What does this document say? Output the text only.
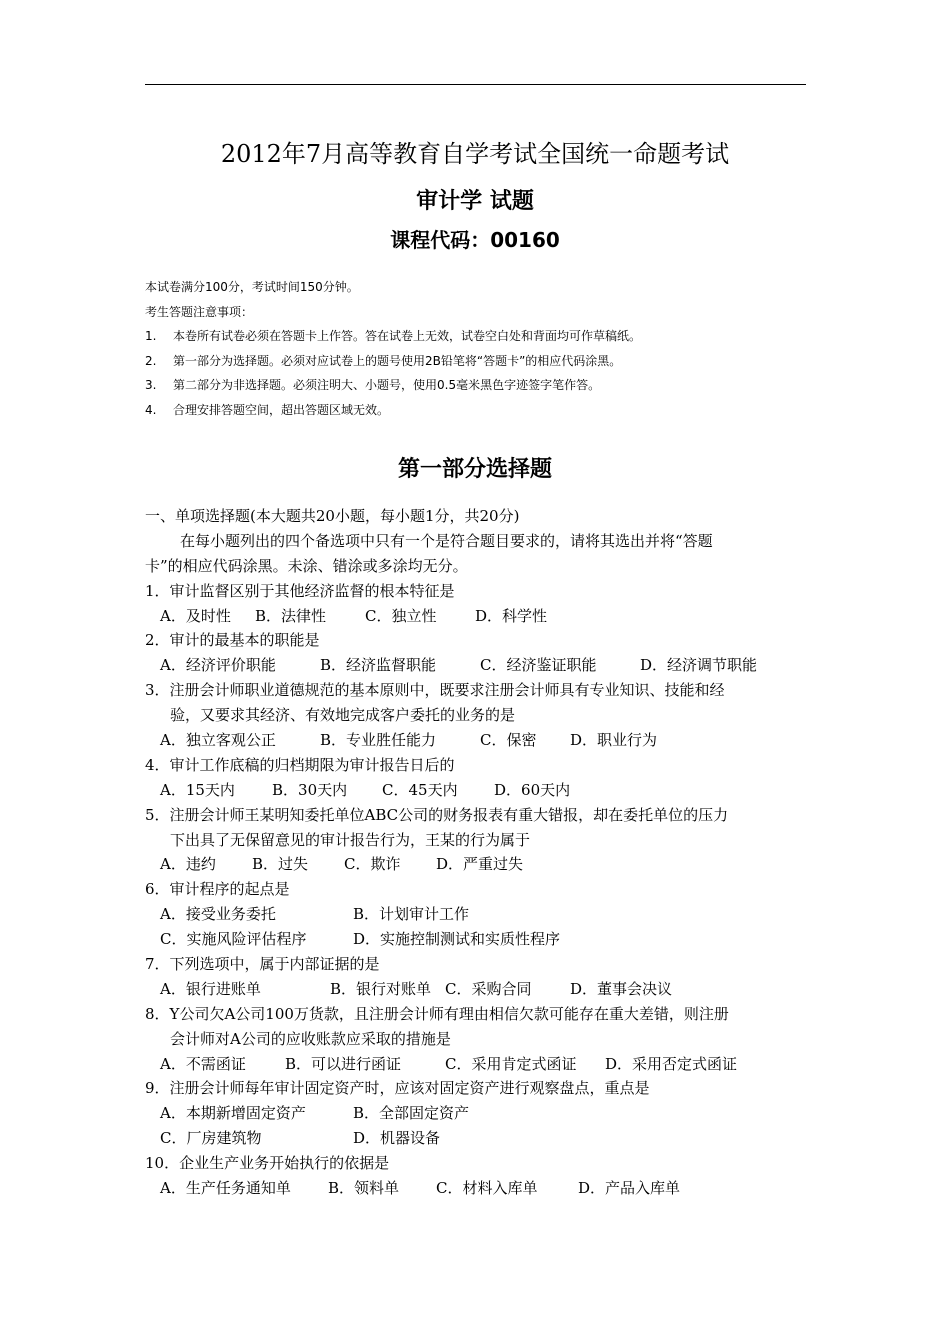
2012年7月高等教育自学考试全国统一命题考试
审计学 试题
课程代码：00160
本试卷满分100分，考试时间150分钟。
考生答题注意事项：
1. 本卷所有试卷必须在答题卡上作答。答在试卷上无效，试卷空白处和背面均可作草稿纸。
2. 第一部分为选择题。必须对应试卷上的题号使用2B铅笔将“答题卡”的相应代码涂黑。
3. 第二部分为非选择题。必须注明大、小题号，使用0.5毫米黑色字迹签字笔作答。
4. 合理安排答题空间，超出答题区域无效。
第一部分选择题
一、单项选择题(本大题共20小题，每小题1分，共20分)
在每小题列出的四个备选项中只有一个是符合题目要求的，请将其选出并将“答题
卡”的相应代码涂黑。未涂、错涂或多涂均无分。
1．审计监督区别于其他经济监督的根本特征是
A．及时性 B．法律性	C．独立性	D．科学性
2．审计的最基本的职能是
A．经济评价职能	B．经济监督职能	C．经济鉴证职能	D．经济调节职能
3．注册会计师职业道德规范的基本原则中，既要求注册会计师具有专业知识、技能和经
验，又要求其经济、有效地完成客户委托的业务的是
A．独立客观公正	B．专业胜任能力	C．保密 D．职业行为
4．审计工作底稿的归档期限为审计报告日后的
A．15天内 B．30天内 C．45天内 D．60天内
5．注册会计师王某明知委托单位ABC公司的财务报表有重大错报，却在委托单位的压力
下出具了无保留意见的审计报告行为，王某的行为属于
A．违约 B．过失 C．欺诈 D．严重过失
6．审计程序的起点是
A．接受业务委托	B．计划审计工作
C．实施风险评估程序	D．实施控制测试和实质性程序
7．下列选项中，属于内部证据的是
A．银行进账单	B．银行对账单 C．采购合同	D．董事会决议
8．Y公司欠A公司100万货款，且注册会计师有理由相信欠款可能存在重大差错，则注册
会计师对A公司的应收账款应采取的措施是
A．不需函证	B．可以进行函证	C．采用肯定式函证 D．采用否定式函证
9．注册会计师每年审计固定资产时，应该对固定资产进行观察盘点，重点是
A．本期新增固定资产	B．全部固定资产
C．厂房建筑物	D．机器设备
10．企业生产业务开始执行的依据是
A．生产任务通知单 B．领料单 C．材料入库单	D．产品入库单
